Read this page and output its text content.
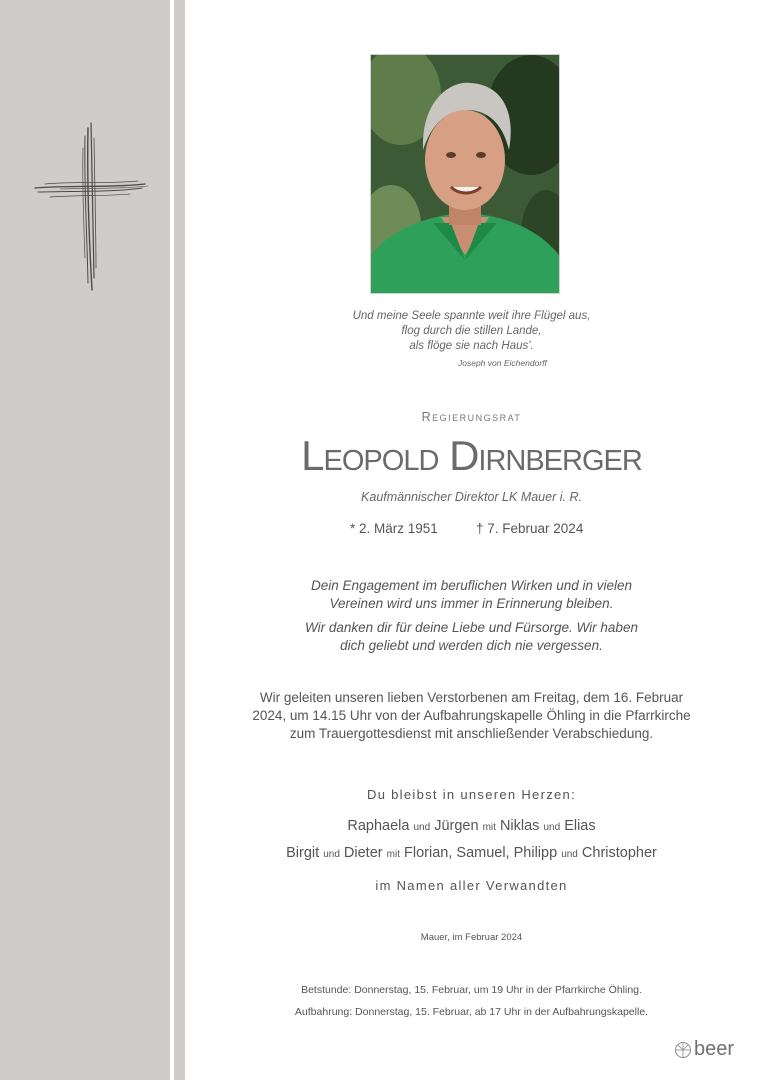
Und meine Seele spannte weit ihre Flügel aus,
flog durch die stillen Lande,
als flöge sie nach Haus'.
Joseph von Eichendorff
Regierungsrat
Leopold Dirnberger
Kaufmännischer Direktor LK Mauer i. R.
* 2. März 1951	† 7. Februar 2024

Dein Engagement im beruflichen Wirken und in vielen
Vereinen wird uns immer in Erinnerung bleiben.

Wir danken dir für deine Liebe und Fürsorge. Wir haben
dich geliebt und werden dich nie vergessen.

Wir geleiten unseren lieben Verstorbenen am Freitag, dem 16. Februar
2024, um 14.15 Uhr von der Aufbahrungskapelle Öhling in die Pfarrkirche
zum Trauergottesdienst mit anschließender Verabschiedung.
Du bleibst in unseren Herzen:
Raphaela und Jürgen mit Niklas und Elias
Birgit und Dieter mit Florian, Samuel, Philipp und Christopher
im Namen aller Verwandten
Mauer, im Februar 2024
Betstunde: Donnerstag, 15. Februar, um 19 Uhr in der Pfarrkirche Öhling.
Aufbahrung: Donnerstag, 15. Februar, ab 17 Uhr in der Aufbahrungskapelle.
beer
